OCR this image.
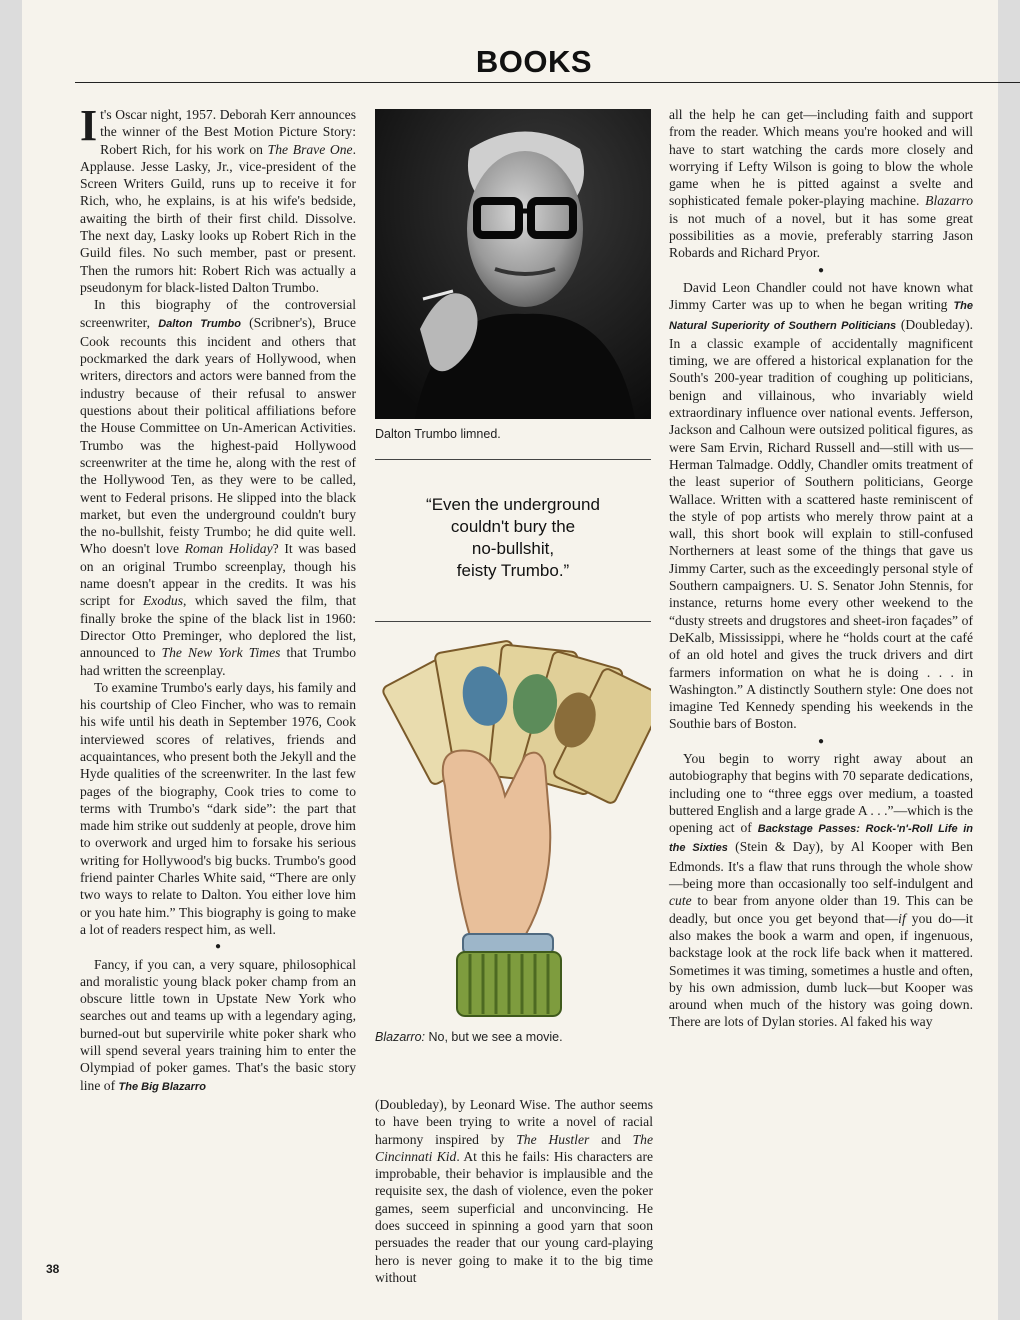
BOOKS

It's Oscar night, 1957. Deborah Kerr announces the winner of the Best Motion Picture Story: Robert Rich, for his work on The Brave One. Applause. Jesse Lasky, Jr., vice-president of the Screen Writers Guild, runs up to receive it for Rich, who, he explains, is at his wife's bedside, awaiting the birth of their first child. Dissolve. The next day, Lasky looks up Robert Rich in the Guild files. No such member, past or present. Then the rumors hit: Robert Rich was actually a pseudonym for black-listed Dalton Trumbo.

In this biography of the controversial screenwriter, Dalton Trumbo (Scribner's), Bruce Cook recounts this incident and others that pockmarked the dark years of Hollywood, when writers, directors and actors were banned from the industry because of their refusal to answer questions about their political affiliations before the House Committee on Un-American Activities. Trumbo was the highest-paid Hollywood screenwriter at the time he, along with the rest of the Hollywood Ten, as they were to be called, went to Federal prisons. He slipped into the black market, but even the underground couldn't bury the no-bullshit, feisty Trumbo; he did quite well. Who doesn't love Roman Holiday? It was based on an original Trumbo screenplay, though his name doesn't appear in the credits. It was his script for Exodus, which saved the film, that finally broke the spine of the black list in 1960: Director Otto Preminger, who deplored the list, announced to The New York Times that Trumbo had written the screenplay.

To examine Trumbo's early days, his family and his courtship of Cleo Fincher, who was to remain his wife until his death in September 1976, Cook interviewed scores of relatives, friends and acquaintances, who present both the Jekyll and the Hyde qualities of the screenwriter. In the last few pages of the biography, Cook tries to come to terms with Trumbo's “dark side”: the part that made him strike out suddenly at people, drove him to overwork and urged him to forsake his serious writing for Hollywood's big bucks. Trumbo's good friend painter Charles White said, “There are only two ways to relate to Dalton. You either love him or you hate him.” This biography is going to make a lot of readers respect him, as well.

●

Fancy, if you can, a very square, philosophical and moralistic young black poker champ from an obscure little town in Upstate New York who searches out and teams up with a legendary aging, burned-out but supervirile white poker shark who will spend several years training him to enter the Olympiad of poker games. That's the basic story line of The Big Blazarro

Dalton Trumbo limned.
“Even the underground
couldn't bury the
no-bullshit,
feisty Trumbo.”
Blazarro: No, but we see a movie.

(Doubleday), by Leonard Wise. The author seems to have been trying to write a novel of racial harmony inspired by The Hustler and The Cincinnati Kid. At this he fails: His characters are improbable, their behavior is implausible and the requisite sex, the dash of violence, even the poker games, seem superficial and unconvincing. He does succeed in spinning a good yarn that soon persuades the reader that our young card-playing hero is never going to make it to the big time without

all the help he can get—including faith and support from the reader. Which means you're hooked and will have to start watching the cards more closely and worrying if Lefty Wilson is going to blow the whole game when he is pitted against a svelte and sophisticated female poker-playing machine. Blazarro is not much of a novel, but it has some great possibilities as a movie, preferably starring Jason Robards and Richard Pryor.

●

David Leon Chandler could not have known what Jimmy Carter was up to when he began writing The Natural Superiority of Southern Politicians (Doubleday). In a classic example of accidentally magnificent timing, we are offered a historical explanation for the South's 200-year tradition of coughing up politicians, benign and villainous, who invariably wield extraordinary influence over national events. Jefferson, Jackson and Calhoun were outsized political figures, as were Sam Ervin, Richard Russell and—still with us—Herman Talmadge. Oddly, Chandler omits treatment of the least superior of Southern politicians, George Wallace. Written with a scattered haste reminiscent of the style of pop artists who merely throw paint at a wall, this short book will explain to still-confused Northerners at least some of the things that gave us Jimmy Carter, such as the exceedingly personal style of Southern campaigners. U. S. Senator John Stennis, for instance, returns home every other weekend to the “dusty streets and drugstores and sheet-iron façades” of DeKalb, Mississippi, where he “holds court at the café of an old hotel and gives the truck drivers and dirt farmers information on what he is doing . . . in Washington.” A distinctly Southern style: One does not imagine Ted Kennedy spending his weekends in the Southie bars of Boston.

●

You begin to worry right away about an autobiography that begins with 70 separate dedications, including one to “three eggs over medium, a toasted buttered English and a large grade A . . .”—which is the opening act of Backstage Passes: Rock-'n'-Roll Life in the Sixties (Stein & Day), by Al Kooper with Ben Edmonds. It's a flaw that runs through the whole show—being more than occasionally too self-indulgent and cute to bear from anyone older than 19. This can be deadly, but once you get beyond that—if you do—it also makes the book a warm and open, if ingenuous, backstage look at the rock life back when it mattered. Sometimes it was timing, sometimes a hustle and often, by his own admission, dumb luck—but Kooper was around when much of the history was going down. There are lots of Dylan stories. Al faked his way

38
